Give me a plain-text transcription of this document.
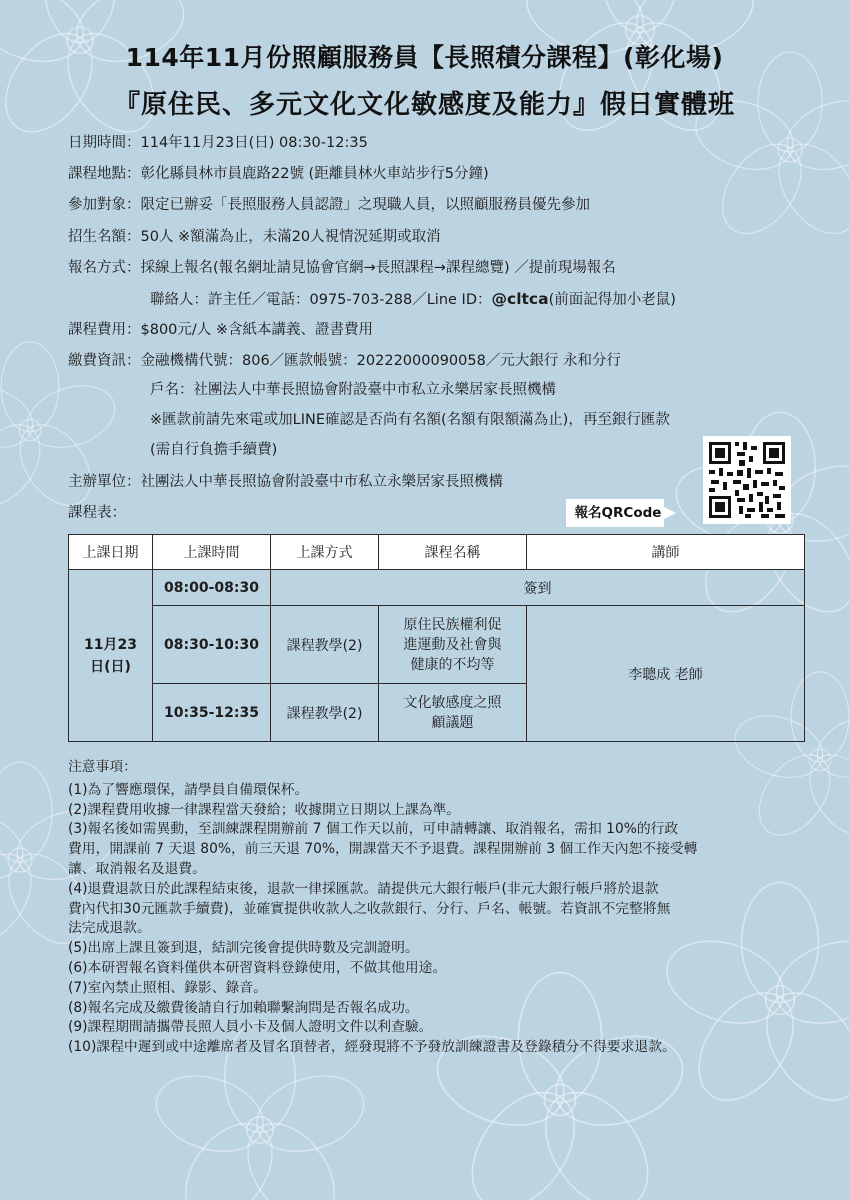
114年11月份照顧服務員【長照積分課程】(彰化場)
『原住民、多元文化文化敏感度及能力』假日實體班
日期時間：114年11月23日(日) 08:30-12:35
課程地點：彰化縣員林市員鹿路22號 (距離員林火車站步行5分鐘)
參加對象：限定已辦妥「長照服務人員認證」之現職人員，以照顧服務員優先參加
招生名額：50人 ※額滿為止，未滿20人視情況延期或取消
報名方式：採線上報名(報名網址請見協會官網→長照課程→課程總覽) ／提前現場報名
聯絡人：許主任／電話：0975-703-288／Line ID：@cltca(前面記得加小老鼠)
課程費用：$800元/人 ※含紙本講義、證書費用
繳費資訊：金融機構代號：806／匯款帳號：20222000090058／元大銀行 永和分行
戶名：社團法人中華長照協會附設臺中市私立永樂居家長照機構
※匯款前請先來電或加LINE確認是否尚有名額(名額有限額滿為止)，再至銀行匯款
(需自行負擔手續費)
主辦單位：社團法人中華長照協會附設臺中市私立永樂居家長照機構
課程表：	報名QRCode
上課日期	上課時間	上課方式	課程名稱	講師

11月23
日(日)	08:00-08:30	簽到		
	08:30-10:30	課程教學(2)	原住民族權利促
進運動及社會與
健康的不均等	李聰成 老師
	10:35-12:35	課程教學(2)	文化敏感度之照
顧議題	
注意事項：
(1)為了響應環保，請學員自備環保杯。
(2)課程費用收據一律課程當天發給；收據開立日期以上課為準。
(3)報名後如需異動，至訓練課程開辦前 7 個工作天以前，可申請轉讓、取消報名，需扣 10%的行政
費用，開課前 7 天退 80%，前三天退 70%，開課當天不予退費。課程開辦前 3 個工作天內恕不接受轉
讓、取消報名及退費。
(4)退費退款日於此課程結束後，退款一律採匯款。請提供元大銀行帳戶(非元大銀行帳戶將於退款
費內代扣30元匯款手續費)，並確實提供收款人之收款銀行、分行、戶名、帳號。若資訊不完整將無
法完成退款。
(5)出席上課且簽到退，結訓完後會提供時數及完訓證明。
(6)本研習報名資料僅供本研習資料登錄使用，不做其他用途。
(7)室內禁止照相、錄影、錄音。
(8)報名完成及繳費後請自行加賴聯繫詢問是否報名成功。
(9)課程期間請攜帶長照人員小卡及個人證明文件以利查驗。
(10)課程中遲到或中途離席者及冒名頂替者，經發現將不予發放訓練證書及登錄積分不得要求退款。
